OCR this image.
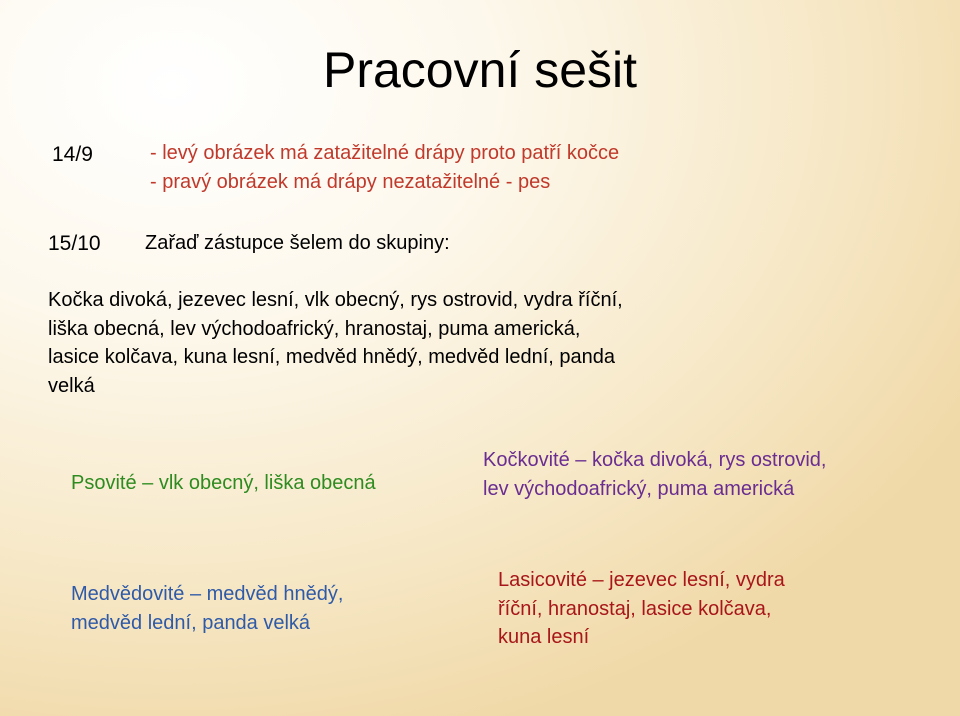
Pracovní sešit
14/9	- levý obrázek má zatažitelné drápy proto patří kočce
- pravý obrázek má drápy nezatažitelné - pes
15/10 Zařaď zástupce šelem do skupiny:
Kočka divoká, jezevec lesní, vlk obecný, rys ostrovid, vydra říční,
liška obecná, lev východoafrický, hranostaj, puma americká,
lasice kolčava, kuna lesní, medvěd hnědý, medvěd lední, panda
velká
Psovité – vlk obecný, liška obecná
Kočkovité – kočka divoká, rys ostrovid,
lev východoafrický, puma americká
Medvědovité – medvěd hnědý,
medvěd lední, panda velká
Lasicovité – jezevec lesní, vydra
říční, hranostaj, lasice kolčava,
kuna lesní
